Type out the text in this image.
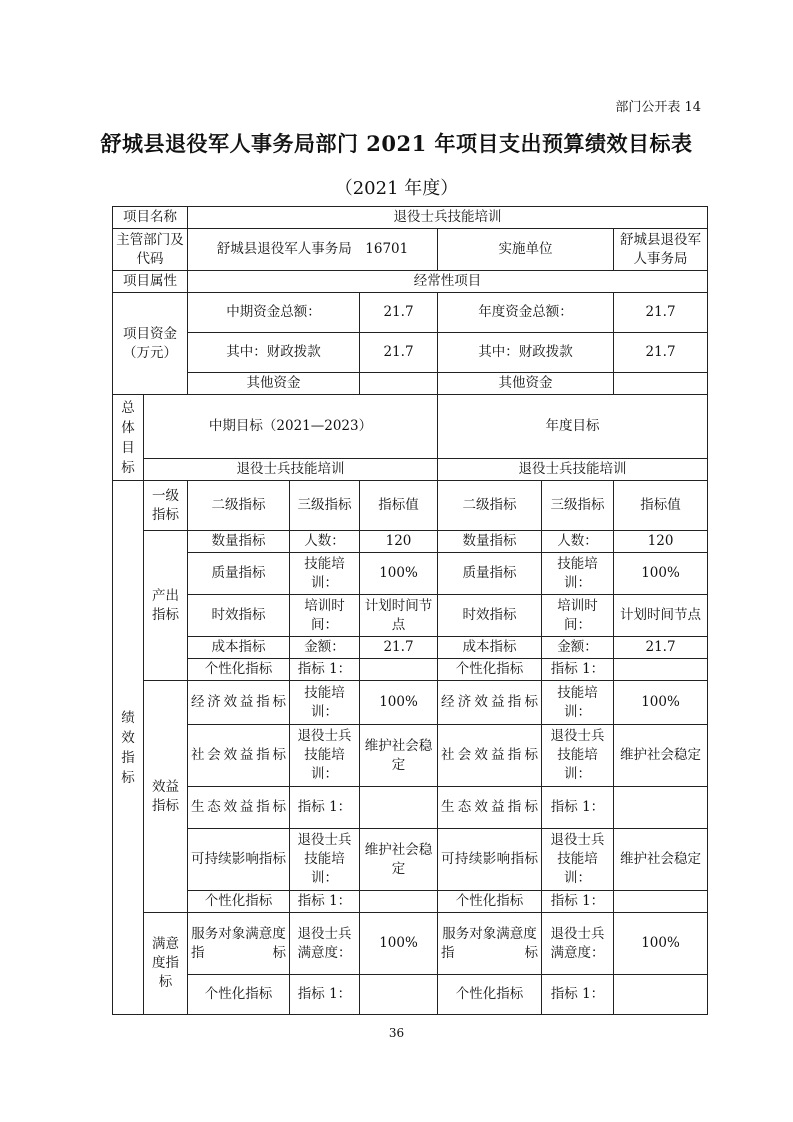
部门公开表 14
舒城县退役军人事务局部门 2021 年项目支出预算绩效目标表
（2021 年度）
项目名称		退役士兵技能培训					
主管部门及代码		舒城县退役军人事务局　16701			实施单位		舒城县退役军人事务局
项目属性		经常性项目					
项目资金（万元）		中期资金总额：		21.7	年度资金总额：		21.7
		其中：财政拨款		21.7	其中：财政拨款		21.7
		其他资金			其他资金		
总体目标	中期目标（2021—2023）				年度目标		
	退役士兵技能培训				退役士兵技能培训		
绩效指标	一级指标	二级指标	三级指标	指标值	二级指标	三级指标	指标值
	产出指标	数量指标	人数：	120	数量指标	人数：	120
		质量指标	技能培训：	100%	质量指标	技能培训：	100%
		时效指标	培训时间：	计划时间节点	时效指标	培训时间：	计划时间节点
		成本指标	金额：	21.7	成本指标	金额：	21.7
		个性化指标	指标 1：		个性化指标	指标 1：	
	效益指标	经济效益指标	技能培训：	100%	经济效益指标	技能培训：	100%
		社会效益指标	退役士兵技能培训：	维护社会稳定	社会效益指标	退役士兵技能培训：	维护社会稳定
		生态效益指标	指标 1：		生态效益指标	指标 1：	
		可持续影响指标	退役士兵技能培训：	维护社会稳定	可持续影响指标	退役士兵技能培训：	维护社会稳定
		个性化指标	指标 1：		个性化指标	指标 1：	
	满意度指标	服务对象满意度指标	退役士兵满意度：	100%	服务对象满意度指标	退役士兵满意度：	100%
		个性化指标	指标 1：		个性化指标	指标 1：	
36
